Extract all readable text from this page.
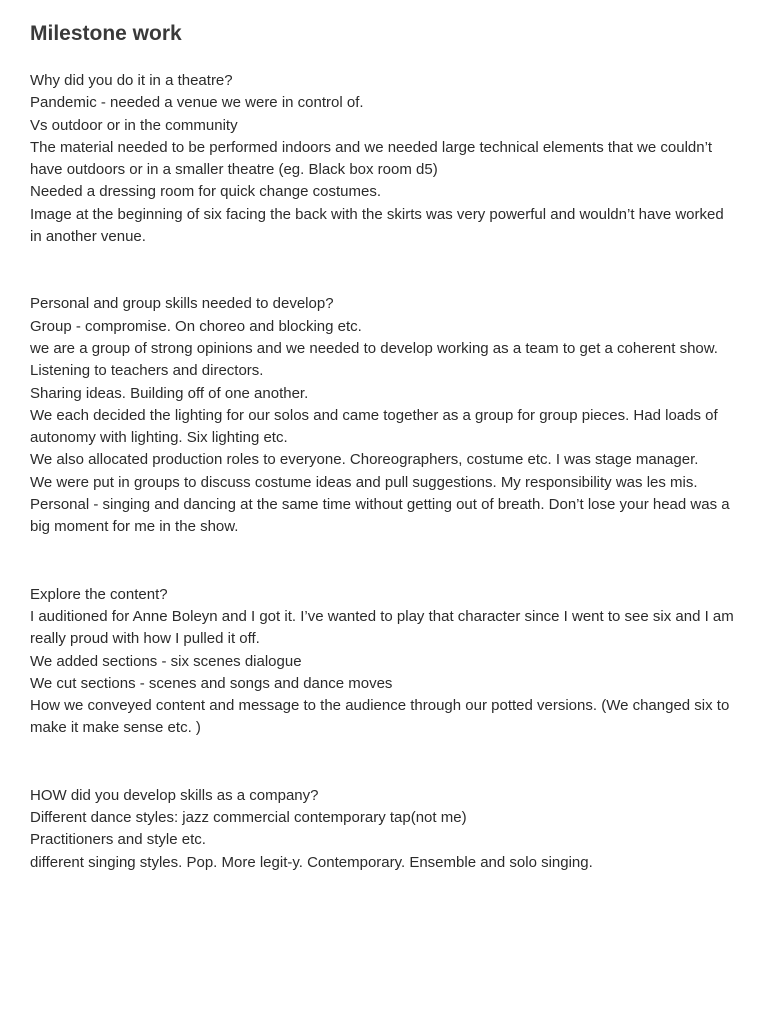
Milestone work
Why did you do it in a theatre?
Pandemic - needed a venue we were in control of.
Vs outdoor or in the community
The material needed to be performed indoors and we needed large technical elements that we couldn’t have outdoors or in a smaller theatre (eg. Black box room d5)
Needed a dressing room for quick change costumes.
Image at the beginning of six facing the back with the skirts was very powerful and wouldn’t have worked in another venue.
Personal and group skills needed to develop?
Group - compromise. On choreo and blocking etc.
we are a group of strong opinions and we needed to develop working as a team to get a coherent show.
Listening to teachers and directors.
Sharing ideas. Building off of one another.
We each decided the lighting for our solos and came together as a group for group pieces. Had loads of autonomy with lighting. Six lighting etc.
We also allocated production roles to everyone. Choreographers, costume etc. I was stage manager.
We were put in groups to discuss costume ideas and pull suggestions. My responsibility was les mis.
Personal - singing and dancing at the same time without getting out of breath. Don’t lose your head was a big moment for me in the show.
Explore the content?
I auditioned for Anne Boleyn and I got it. I’ve wanted to play that character since I went to see six and I am really proud with how I pulled it off.
We added sections - six scenes dialogue
We cut sections - scenes and songs and dance moves
How we conveyed content and message to the audience through our potted versions. (We changed six to make it make sense etc. )
HOW did you develop skills as a company?
Different dance styles: jazz commercial contemporary tap(not me)
Practitioners and style etc.
different singing styles. Pop. More legit-y. Contemporary. Ensemble and solo singing.
